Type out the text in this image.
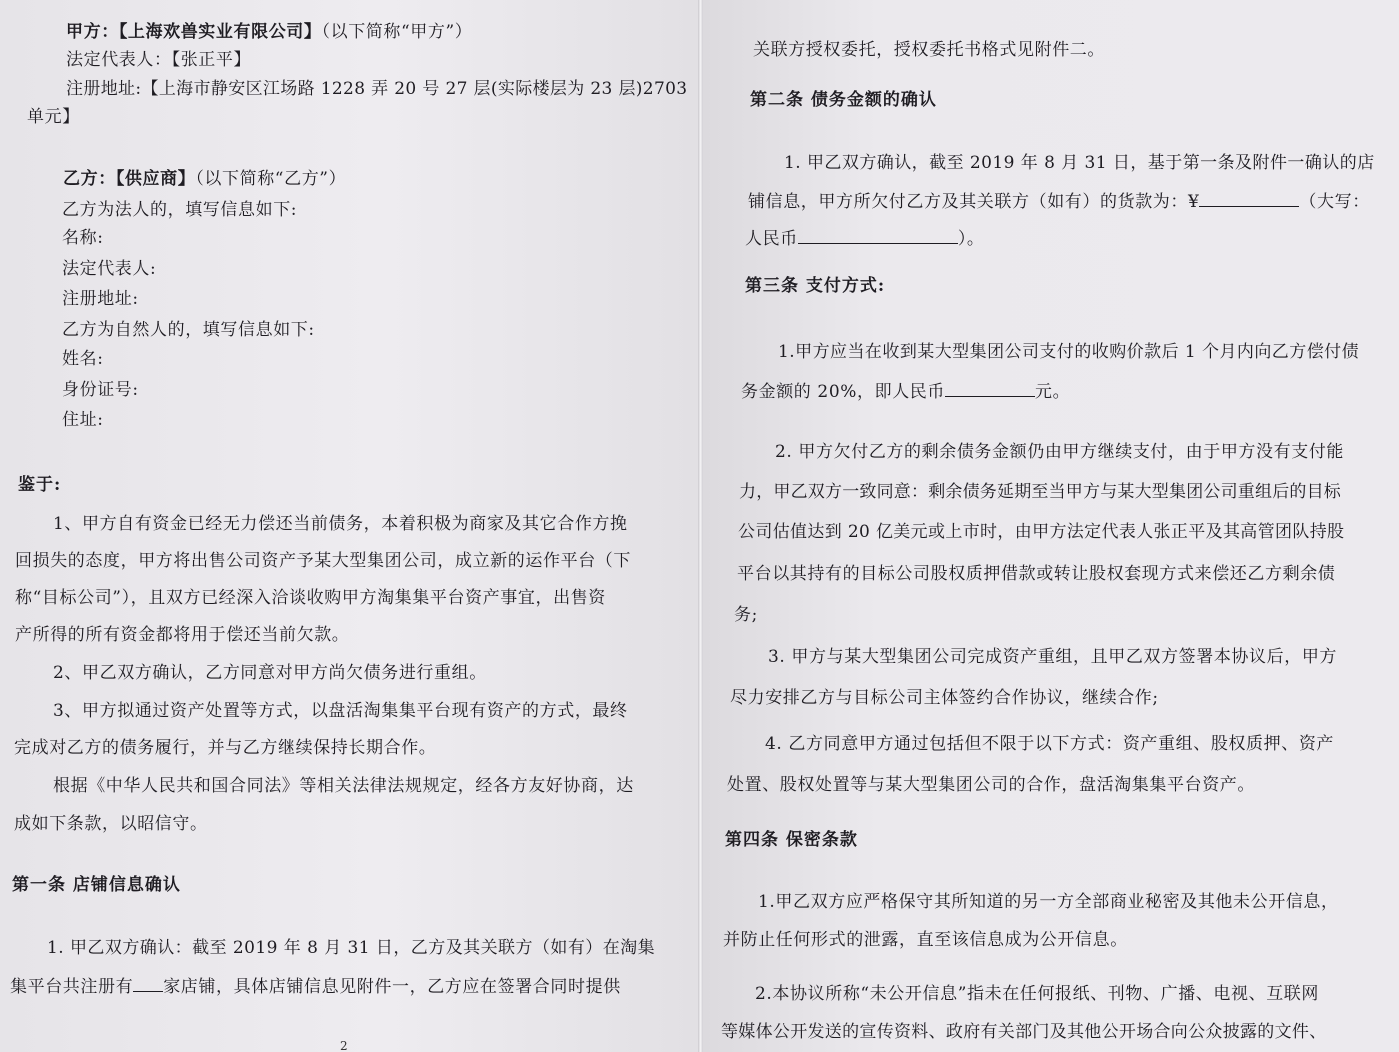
甲方：【上海欢兽实业有限公司】（以下简称“甲方”）
法定代表人：【张正平】
注册地址:【上海市静安区江场路 1228 弄 20 号 27 层(实际楼层为 23 层)2703
单元】
乙方：【供应商】（以下简称“乙方”）
乙方为法人的，填写信息如下:
名称:
法定代表人:
注册地址:
乙方为自然人的，填写信息如下:
姓名:
身份证号:
住址:
鉴于:
1、甲方自有资金已经无力偿还当前债务，本着积极为商家及其它合作方挽
回损失的态度，甲方将出售公司资产予某大型集团公司，成立新的运作平台（下
称“目标公司”），且双方已经深入洽谈收购甲方淘集集平台资产事宜，出售资
产所得的所有资金都将用于偿还当前欠款。
2、甲乙双方确认，乙方同意对甲方尚欠债务进行重组。
3、甲方拟通过资产处置等方式，以盘活淘集集平台现有资产的方式，最终
完成对乙方的债务履行，并与乙方继续保持长期合作。
根据《中华人民共和国合同法》等相关法律法规规定，经各方友好协商，达
成如下条款，以昭信守。
第一条 店铺信息确认
1. 甲乙双方确认：截至 2019 年 8 月 31 日，乙方及其关联方（如有）在淘集
集平台共注册有 家店铺，具体店铺信息见附件一，乙方应在签署合同时提供
2
关联方授权委托，授权委托书格式见附件二。
第二条 债务金额的确认
1. 甲乙双方确认，截至 2019 年 8 月 31 日，基于第一条及附件一确认的店
铺信息，甲方所欠付乙方及其关联方（如有）的货款为：¥	（大写：
人民币	）。
第三条 支付方式:
1.甲方应当在收到某大型集团公司支付的收购价款后 1 个月内向乙方偿付债
务金额的 20%，即人民币	元。
2. 甲方欠付乙方的剩余债务金额仍由甲方继续支付，由于甲方没有支付能
力，甲乙双方一致同意：剩余债务延期至当甲方与某大型集团公司重组后的目标
公司估值达到 20 亿美元或上市时，由甲方法定代表人张正平及其高管团队持股
平台以其持有的目标公司股权质押借款或转让股权套现方式来偿还乙方剩余债
务;
3. 甲方与某大型集团公司完成资产重组，且甲乙双方签署本协议后，甲方
尽力安排乙方与目标公司主体签约合作协议，继续合作;
4. 乙方同意甲方通过包括但不限于以下方式：资产重组、股权质押、资产
处置、股权处置等与某大型集团公司的合作，盘活淘集集平台资产。
第四条 保密条款
1.甲乙双方应严格保守其所知道的另一方全部商业秘密及其他未公开信息，
并防止任何形式的泄露，直至该信息成为公开信息。
2.本协议所称“未公开信息”指未在任何报纸、刊物、广播、电视、互联网
等媒体公开发送的宣传资料、政府有关部门及其他公开场合向公众披露的文件、
